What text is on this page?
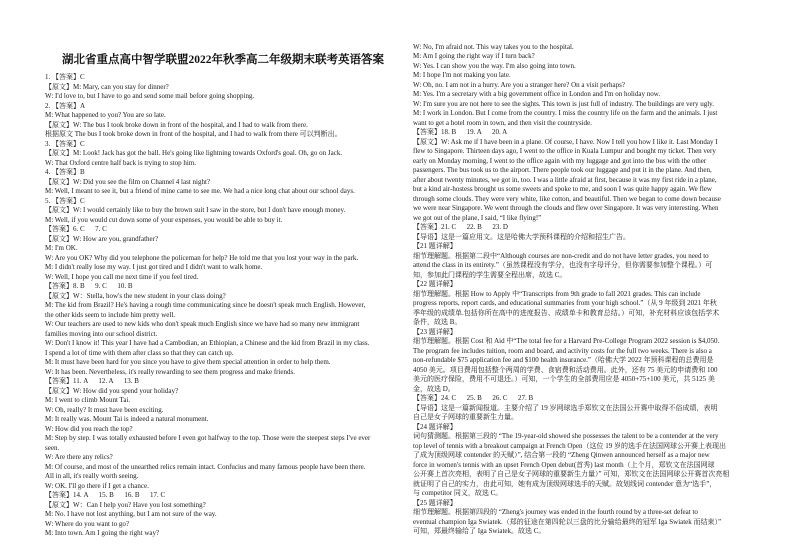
湖北省重点高中智学联盟2022年秋季高二年级期末联考英语答案
1. 【答案】C
【原文】M: Mary, can you stay for dinner?
W: I'd love to, but I have to go and send some mail before going shopping.
2. 【答案】A
M: What happened to you? You are so late.
【原文】W: The bus I took broke down in front of the hospital, and I had to walk from there.
根据原文 The bus I took broke down in front of the hospital, and I had to walk from there 可以判断出。
3. 【答案】C
【原文】M: Look! Jack has got the ball. He's going like lightning towards Oxford's goal. Oh, go on Jack.
W: That Oxford centre half back is trying to stop him.
4. 【答案】B
【原文】W: Did you see the film on Channel 4 last night?
M: Well, I meant to see it, but a friend of mine came to see me. We had a nice long chat about our school days.
5. 【答案】C
【原文】W: I would certainly like to buy the brown suit I saw in the store, but I don't have enough money.
M: Well, if you would cut down some of your expenses, you would be able to buy it.
【答案】6. C      7. C
【原文】W: How are you, grandfather?
M: I'm OK.
W: Are you OK? Why did you telephone the policeman for help? He told me that you lost your way in the park.
M: I didn't really lose my way. I just got tired and I didn't want to walk home.
W: Well, I hope you call me next time if you feel tired.
【答案】8. B      9. C      10. B
【原文】W：Stella, how's the new student in your class doing?
M: The kid from Brazil? He's having a rough time communicating since he doesn't speak much English. However,
the other kids seem to include him pretty well.
W: Our teachers are used to new kids who don't speak much English since we have had so many new immigrant
families moving into our school district.
W: Don't I know it! This year I have had a Cambodian, an Ethiopian, a Chinese and the kid from Brazil in my class.
I spend a lot of time with them after class so that they can catch up.
M: It must have been hard for you since you have to give them special attention in order to help them.
W: It has been. Nevertheless, it's really rewarding to see them progress and make friends.
【答案】11. A      12. A      13. B
【原文】W: How did you spend your holiday?
M: I went to climb Mount Tai.
W: Oh, really? It must have been exciting.
M: It really was. Mount Tai is indeed a natural monument.
W: How did you reach the top?
M: Step by step. I was totally exhausted before I even got halfway to the top. Those were the steepest steps I've ever
seen.
W: Are there any relics?
M: Of course, and most of the unearthed relics remain intact. Confucius and many famous people have been there.
All in all, it's really worth seeing.
W: OK. I'll go there if I get a chance.
【答案】14. A      15. B      16. B      17. C
【原文】W：Can I help you? Have you lost something?
M: No. I have not lost anything, but I am not sure of the way.
W: Where do you want to go?
M: Into town. Am I going the right way?
W: No, I'm afraid not. This way takes you to the hospital.
M: Am I going the right way if I turn back?
W: Yes. I can show you the way. I'm also going into town.
M: I hope I'm not making you late.
W: Oh, no. I am not in a hurry. Are you a stranger here? On a visit perhaps?
M: Yes. I'm a secretary with a big government office in London and I'm on holiday now.
W: I'm sure you are not here to see the sights. This town is just full of industry. The buildings are very ugly.
M: I work in London. But I come from the country. I miss the country life on the farm and the animals. I just
want to get a hotel room in town, and then visit the countryside.
【答案】18. B      19. A      20. A
【原文】W: Ask me if I have been in a plane. Of course, I have. Now I tell you how I like it. Last Monday I
flew to Singapore. Thirteen days ago, I went to the office in Kuala Lumpur and bought my ticket. Then very
early on Monday morning, I went to the office again with my luggage and got into the bus with the other
passengers. The bus took us to the airport. There people took our luggage and put it in the plane. And then,
after about twenty minutes, we got in, too. I was a little afraid at first, because it was my first ride in a plane,
but a kind air-hostess brought us some sweets and spoke to me, and soon I was quite happy again. We flew
through some clouds. They were very white, like cotton, and beautiful. Then we began to come down because
we were near Singapore. We went through the clouds and flew over Singapore. It was very interesting. When
we got out of the plane, I said, “I like flying!”
【答案】21. C      22. B      23. D
【导语】这是一篇应用文。这是哈佛大学预科课程的介绍和招生广告。
【21 题详解】
细节理解题。根据第二段中“Although courses are non-credit and do not have letter grades, you need to
attend the class in its entirety.”（虽然课程没有学分，也没有字母评分，但你需要参加整个课程。）可
知，参加此门课程的学生需要全程出席，故选 C。
【22 题详解】
细节理解题。根据 How to Apply 中“Transcripts from 9th grade to fall 2021 grades. This can include
progress reports, report cards, and educational summaries from your high school.”（从 9 年级到 2021 年秋
季年级的成绩单.包括你所在高中的进度报告、成绩单卡和教育总结。）可知，补充材料应该包括学术
条件，故选 B。
【23 题详解】
细节理解题。根据 Cost 和 Aid 中“The total fee for a Harvard Pre-College Program 2022 session is $4,050.
The program fee includes tuition, room and board, and activity costs for the full two weeks. There is also a
non-refundable $75 application fee and $100 health insurance.”（哈佛大学 2022 年预科课程的总费用是
4050 美元。项目费用包括整个两周的学费、食宿费和活动费用。此外，还有 75 美元的申请费和 100
美元的医疗保险，费用不可退还。）可知，一个学生的全部费用应是 4050+75+100 美元，共 5125 美
金，故选 D。
【答案】24. C      25. B      26. C      27. B
【导语】这是一篇新闻报道。主要介绍了 19 岁网球选手郑钦文在法国公开赛中取得不俗成绩，表明
自己是女子网球的重要新生力量。
【24 题详解】
词句猜测题。根据第三段的 “The 19-year-old showed she possesses the talent to be a contender at the very
top level of tennis with a breakout campaign at French Open（这位 19 岁的选手在法国网球公开赛上表现出
了成为顶级网球 contender 的天赋）”, 结合第一段的 “Zheng Qinwen announced herself as a major new
force in women's tennis with an upset French Open debut(首秀) last month（上个月，郑钦文在法国网球
公开赛上首次亮相，表明了自己是女子网球的重要新生力量）” 可知，郑钦文在法国网球公开赛首次亮相
就证明了自己的实力，由此可知，她有成为顶级网球选手的天赋。故划线词 contender 意为“选手”，
与 competitor 同义，故选 C。
【25 题详解】
细节理解题。根据第四段的 “Zheng's journey was ended in the fourth round by a three-set defeat to
eventual champion Iga Swiatek.（郑的征途在第四轮以三盘的比分输给最终的冠军 Iga Swiatek 而结束）”
可知，郑最终输给了 Iga Swiatek。故选 C。
